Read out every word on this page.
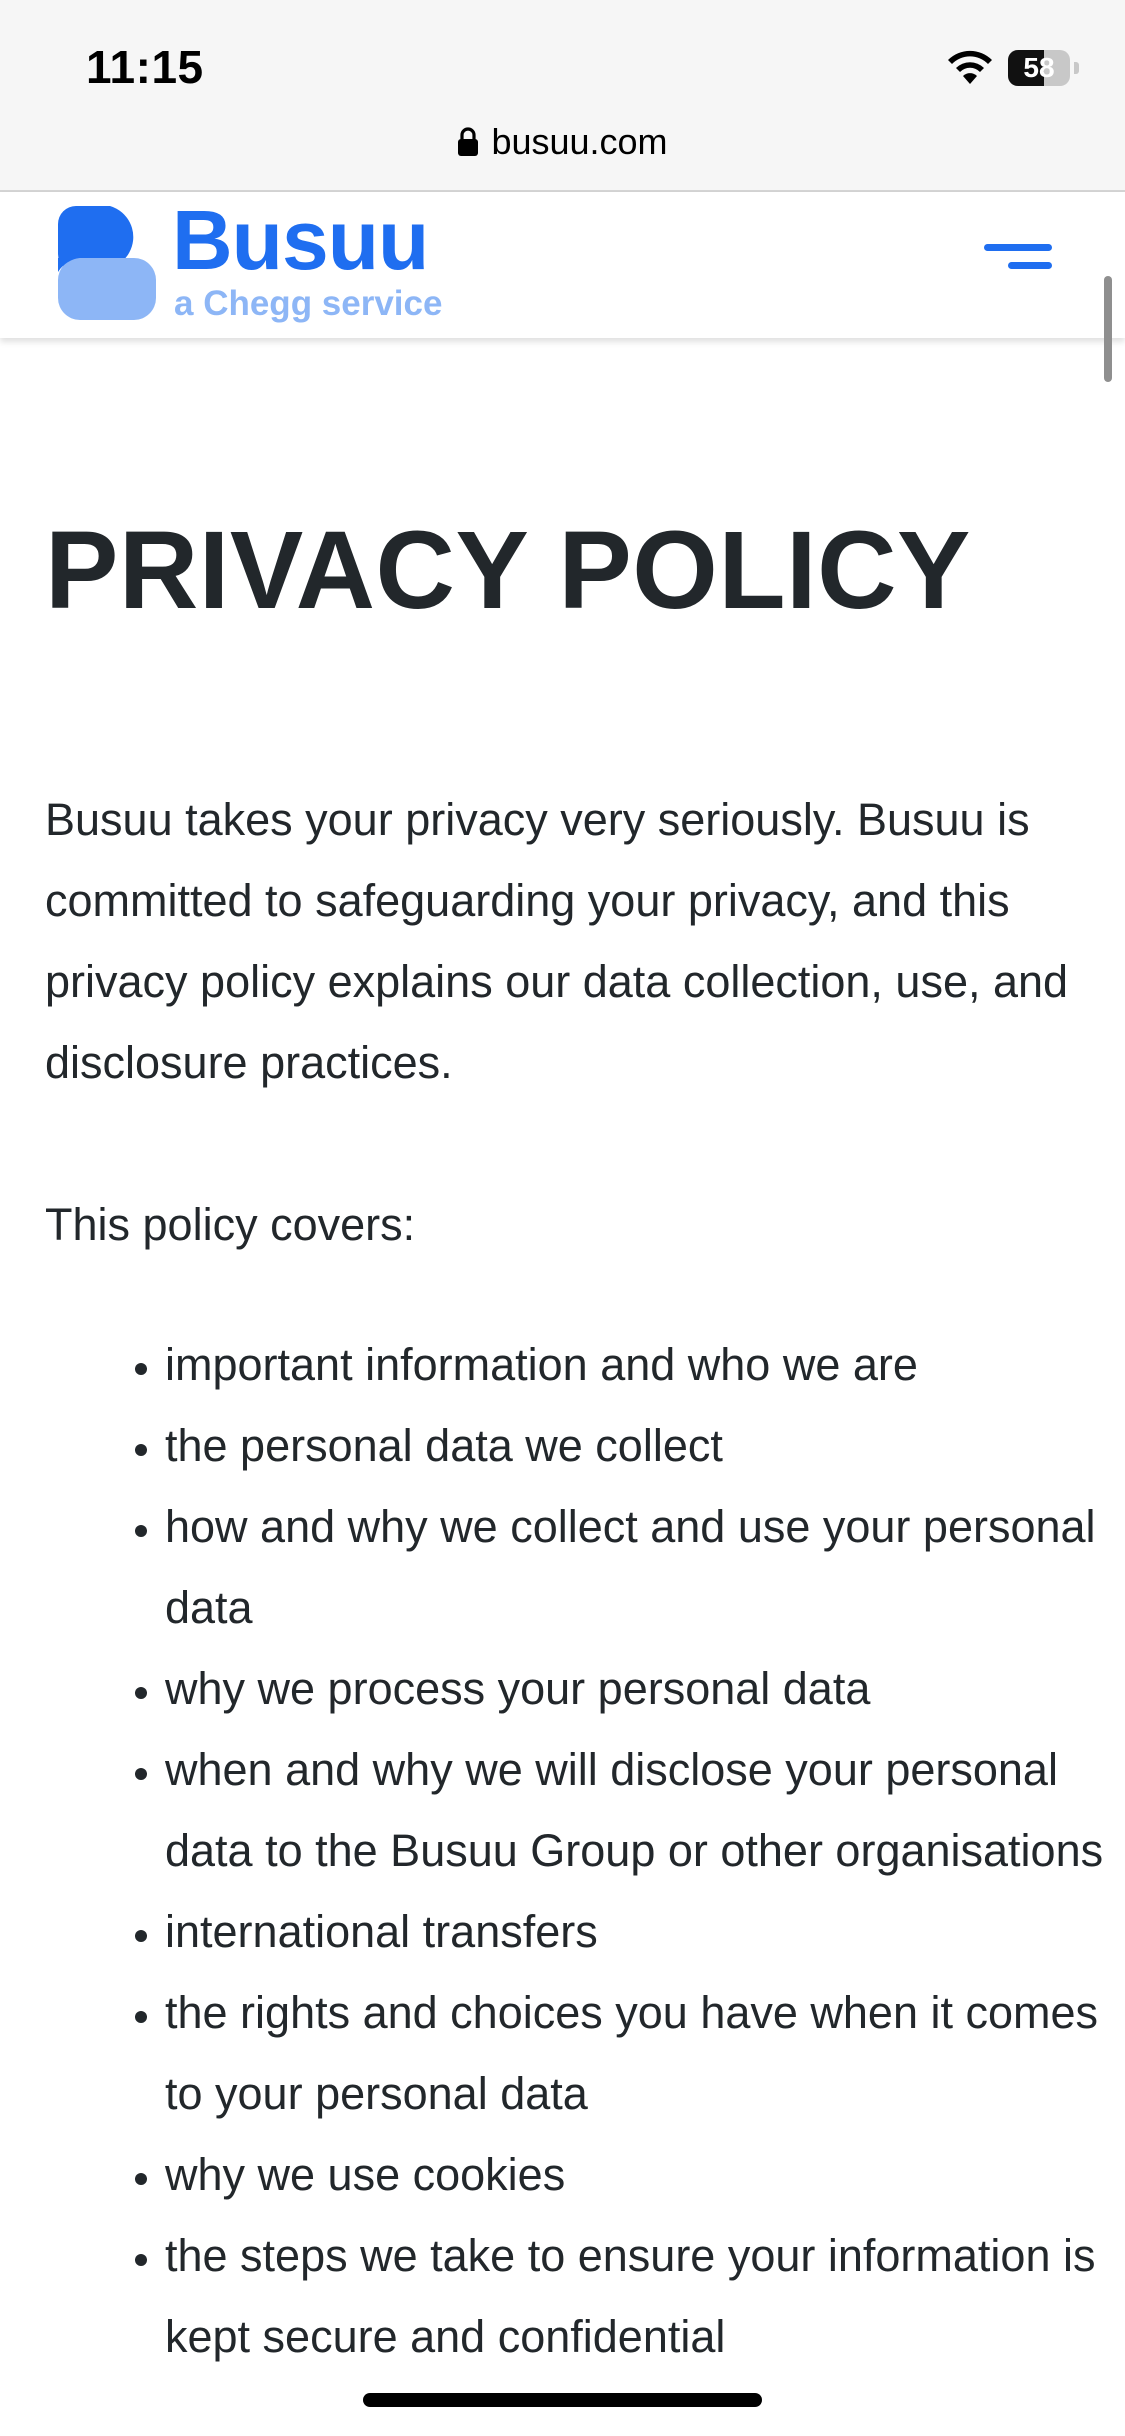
11:15	58
busuu.com
Busuu
a Chegg service
PRIVACY POLICY

Busuu takes your privacy very seriously. Busuu is committed to safeguarding your privacy, and this privacy policy explains our data collection, use, and disclosure practices.

This policy covers:

• important information and who we are
• the personal data we collect
• how and why we collect and use your personal data
• why we process your personal data
• when and why we will disclose your personal data to the Busuu Group or other organisations
• international transfers
• the rights and choices you have when it comes to your personal data
• why we use cookies
• the steps we take to ensure your information is kept secure and confidential
